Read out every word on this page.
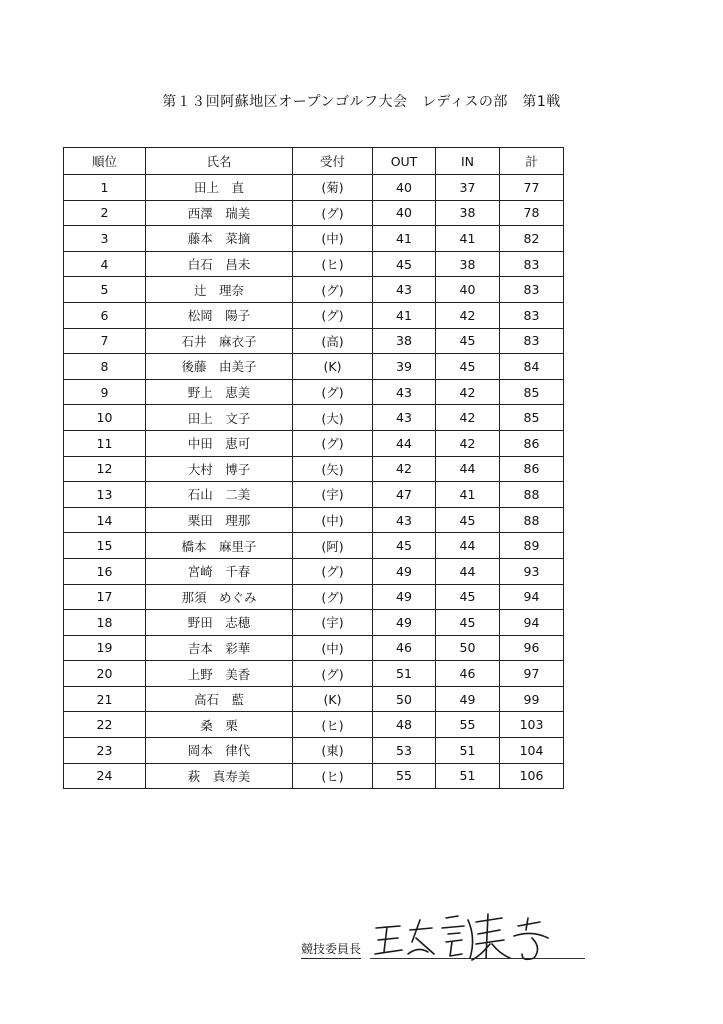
第１３回阿蘇地区オープンゴルフ大会　レディスの部　第1戦
順位	氏名	受付	OUT	IN	計
1	田上　直	(菊)	40	37	77
2	西澤　瑞美	(グ)	40	38	78
3	藤本　菜摘	(中)	41	41	82
4	白石　昌未	(ヒ)	45	38	83
5	辻　理奈	(グ)	43	40	83
6	松岡　陽子	(グ)	41	42	83
7	石井　麻衣子	(高)	38	45	83
8	後藤　由美子	(K)	39	45	84
9	野上　恵美	(グ)	43	42	85
10	田上　文子	(大)	43	42	85
11	中田　恵可	(グ)	44	42	86
12	大村　博子	(矢)	42	44	86
13	石山　二美	(宇)	47	41	88
14	栗田　理那	(中)	43	45	88
15	橋本　麻里子	(阿)	45	44	89
16	宮崎　千春	(グ)	49	44	93
17	那須　めぐみ	(グ)	49	45	94
18	野田　志穂	(宇)	49	45	94
19	吉本　彩華	(中)	46	50	96
20	上野　美香	(グ)	51	46	97
21	高石　藍	(K)	50	49	99
22	桑　栗	(ヒ)	48	55	103
23	岡本　律代	(東)	53	51	104
24	萩　真寿美	(ヒ)	55	51	106
競技委員長
